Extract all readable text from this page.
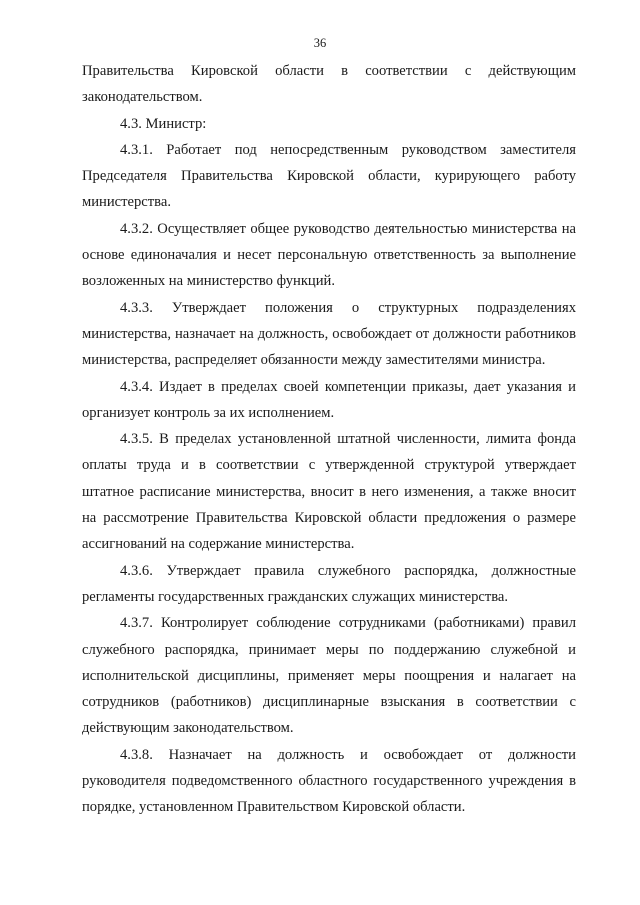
36

Правительства Кировской области в соответствии с действующим законодательством.

4.3. Министр:

4.3.1. Работает под непосредственным руководством заместителя Председателя Правительства Кировской области, курирующего работу министерства.

4.3.2. Осуществляет общее руководство деятельностью министерства на основе единоначалия и несет персональную ответственность за выполнение возложенных на министерство функций.

4.3.3. Утверждает положения о структурных подразделениях министерства, назначает на должность, освобождает от должности работников министерства, распределяет обязанности между заместителями министра.

4.3.4. Издает в пределах своей компетенции приказы, дает указания и организует контроль за их исполнением.

4.3.5. В пределах установленной штатной численности, лимита фонда оплаты труда и в соответствии с утвержденной структурой утверждает штатное расписание министерства, вносит в него изменения, а также вносит на рассмотрение Правительства Кировской области предложения о размере ассигнований на содержание министерства.

4.3.6. Утверждает правила служебного распорядка, должностные регламенты государственных гражданских служащих министерства.

4.3.7. Контролирует соблюдение сотрудниками (работниками) правил служебного распорядка, принимает меры по поддержанию служебной и исполнительской дисциплины, применяет меры поощрения и налагает на сотрудников (работников) дисциплинарные взыскания в соответствии с действующим законодательством.

4.3.8. Назначает на должность и освобождает от должности руководителя подведомственного областного государственного учреждения в порядке, установленном Правительством Кировской области.
